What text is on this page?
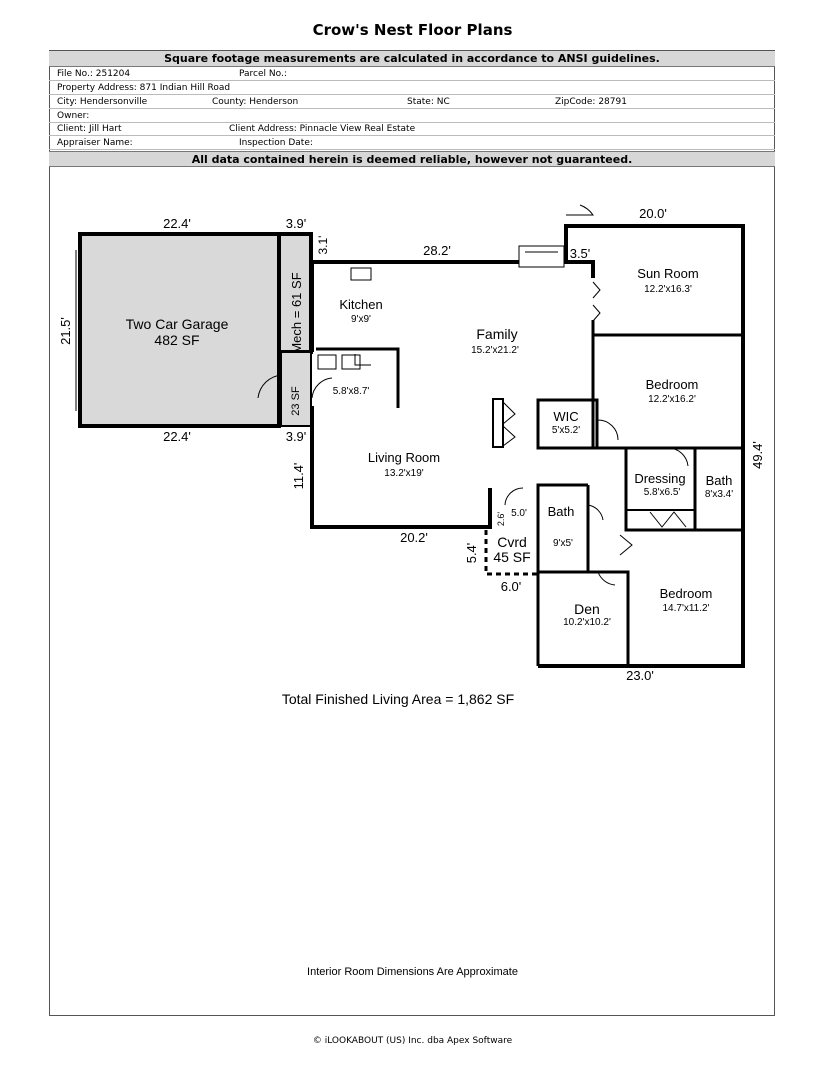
Crow's Nest Floor Plans
Square footage measurements are calculated in accordance to ANSI guidelines.
File No.: 251204	Parcel No.:
Property Address: 871 Indian Hill Road
City: Hendersonville	County: Henderson	State: NC	ZipCode: 28791
Owner:
Client: Jill Hart	Client Address: Pinnacle View Real Estate
Appraiser Name:	Inspection Date:
All data contained herein is deemed reliable, however not guaranteed.
Two Car Garage
482 SF	Mech = 61 SF
23 SF
Kitchen
9'x9'
Family
15.2'x21.2'
Sun Room
12.2'x16.3'
Bedroom
12.2'x16.2'
WIC
5'x5.2'
5.8'x8.7'
Living Room
13.2'x19'	Dressing
5.8'x6.5'
Bath
8'x3.4'
Bath
9'x5'
Cvrd
45 SF
Den
10.2'x10.2'
Bedroom
14.7'x11.2'
22.4'	3.9'
3.1'
21.5'
22.4'	3.9'
28.2'
20.0'
3.5'
49.4'
11.4'
20.2'
5.0'
2.6'
5.4'
6.0'
23.0'
Total Finished Living Area = 1,862 SF
Interior Room Dimensions Are Approximate
© iLOOKABOUT (US) Inc. dba Apex Software
